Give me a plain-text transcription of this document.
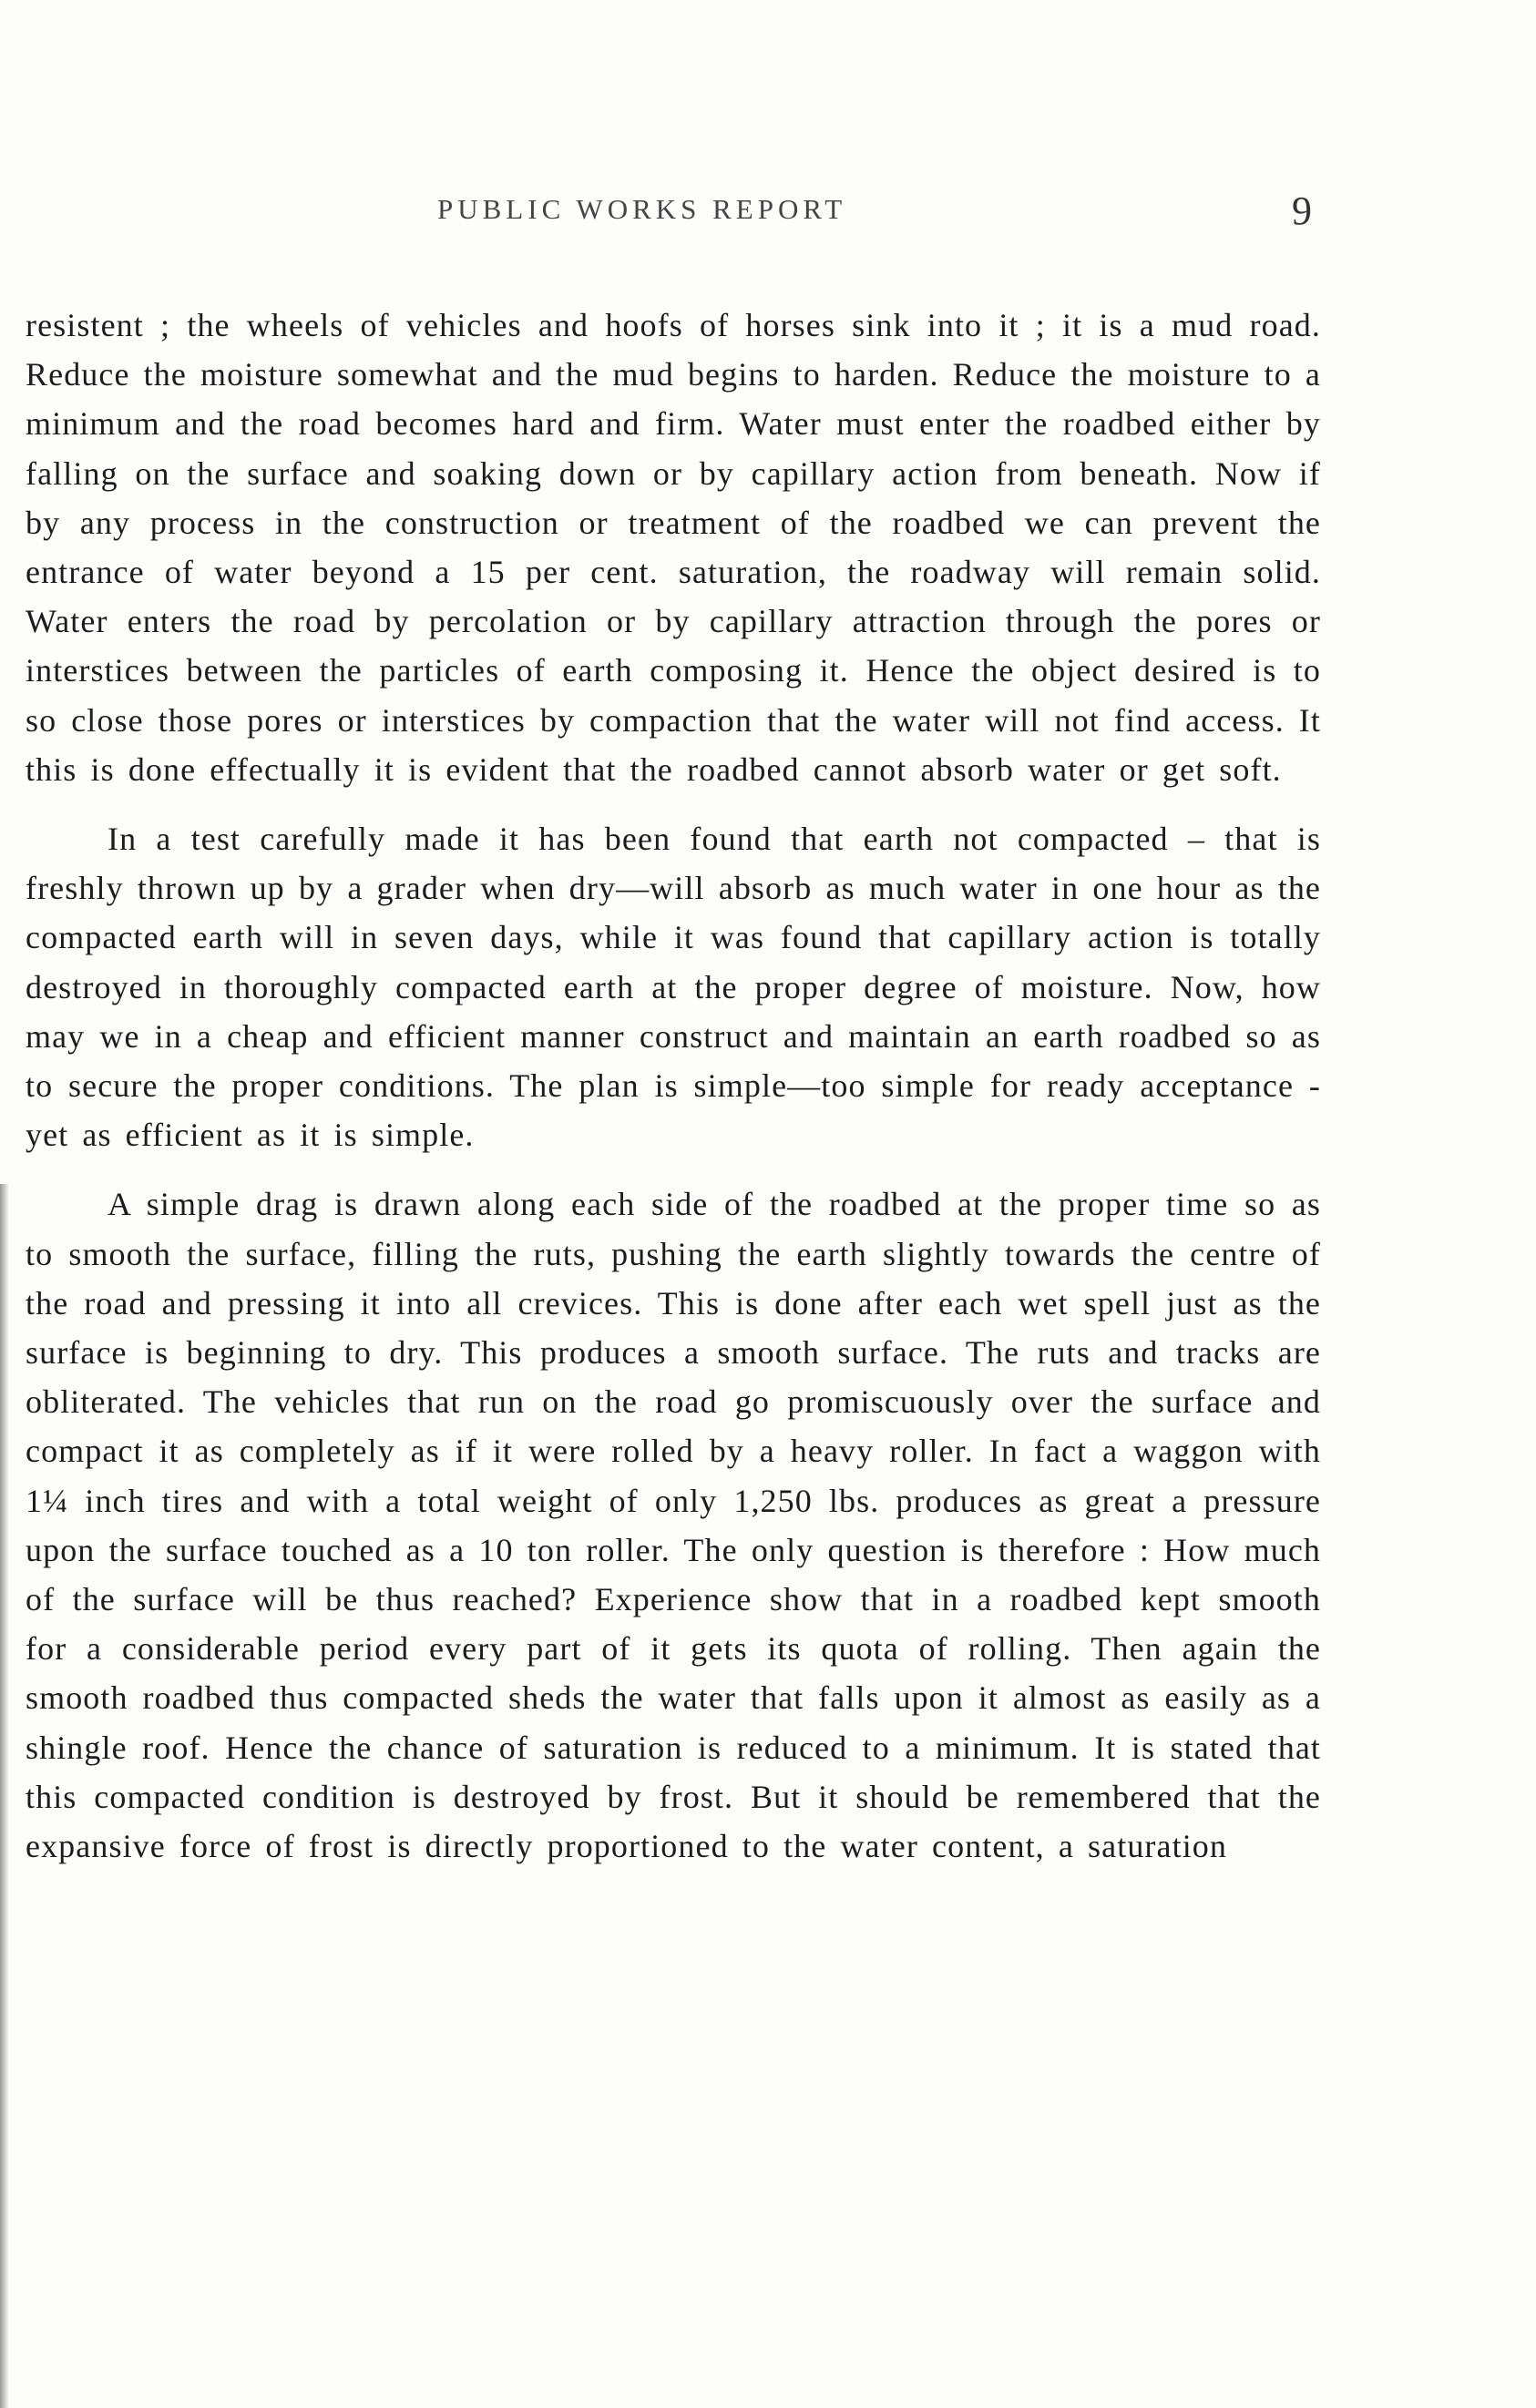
PUBLIC WORKS REPORT	9

resistent ; the wheels of vehicles and hoofs of horses sink into it ; it is a mud road. Reduce the moisture somewhat and the mud begins to harden. Reduce the moisture to a minimum and the road becomes hard and firm. Water must enter the roadbed either by falling on the surface and soaking down or by capillary action from beneath. Now if by any process in the construction or treatment of the roadbed we can prevent the entrance of water beyond a 15 per cent. saturation, the roadway will remain solid. Water enters the road by percolation or by capillary attraction through the pores or interstices between the particles of earth composing it. Hence the object desired is to so close those pores or interstices by compaction that the water will not find access. It this is done effectually it is evident that the roadbed cannot absorb water or get soft.

In a test carefully made it has been found that earth not compacted – that is freshly thrown up by a grader when dry—will absorb as much water in one hour as the compacted earth will in seven days, while it was found that capillary action is totally destroyed in thoroughly compacted earth at the proper degree of moisture. Now, how may we in a cheap and efficient manner construct and maintain an earth roadbed so as to secure the proper conditions. The plan is simple—too simple for ready acceptance - yet as efficient as it is simple.

A simple drag is drawn along each side of the roadbed at the proper time so as to smooth the surface, filling the ruts, pushing the earth slightly towards the centre of the road and pressing it into all crevices. This is done after each wet spell just as the surface is beginning to dry. This produces a smooth surface. The ruts and tracks are obliterated. The vehicles that run on the road go promiscuously over the surface and compact it as completely as if it were rolled by a heavy roller. In fact a waggon with 1¼ inch tires and with a total weight of only 1,250 lbs. produces as great a pressure upon the surface touched as a 10 ton roller. The only question is therefore : How much of the surface will be thus reached? Experience show that in a roadbed kept smooth for a considerable period every part of it gets its quota of rolling. Then again the smooth roadbed thus compacted sheds the water that falls upon it almost as easily as a shingle roof. Hence the chance of saturation is reduced to a minimum. It is stated that this compacted condition is destroyed by frost. But it should be remembered that the expansive force of frost is directly proportioned to the water content, a saturation
